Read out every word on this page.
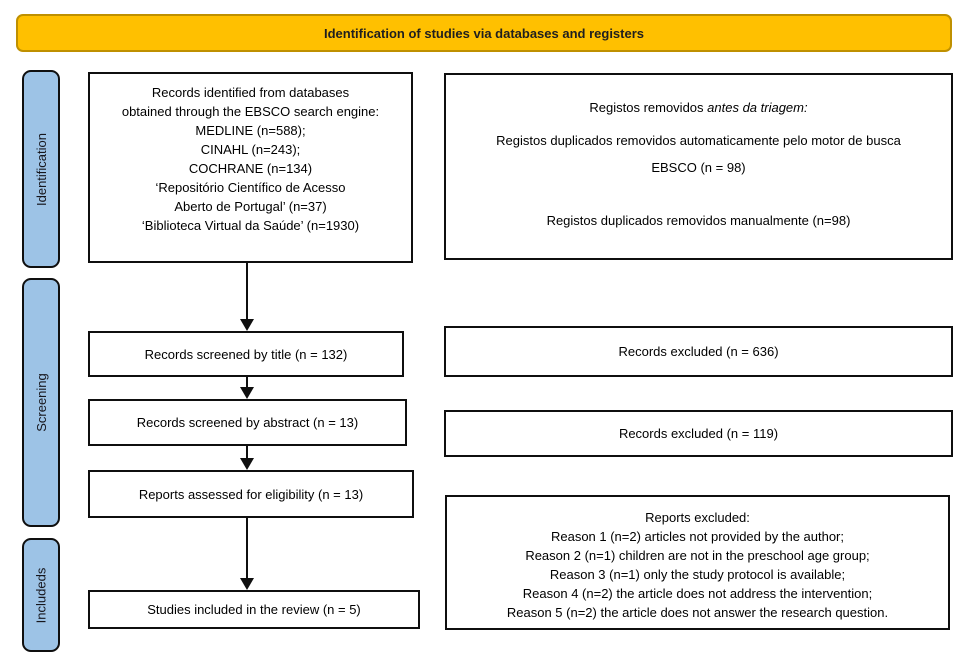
Identification of studies via databases and registers
Identification
Screening
Includeds
Records identified from databases
obtained through the EBSCO search engine:
MEDLINE (n=588);
CINAHL (n=243);
COCHRANE (n=134)
‘Repositório Científico de Acesso
Aberto de Portugal’ (n=37)
‘Biblioteca Virtual da Saúde’ (n=1930)
Records screened by title (n = 132)
Records screened by abstract (n = 13)
Reports assessed for eligibility (n = 13)
Studies included in the review (n = 5)
Registos removidos antes da triagem:
Registos duplicados removidos automaticamente pelo motor de busca
EBSCO (n = 98)
Registos duplicados removidos manualmente (n=98)
Records excluded (n = 636)
Records excluded (n = 119)
Reports excluded:
Reason 1 (n=2) articles not provided by the author;
Reason 2 (n=1) children are not in the preschool age group;
Reason 3 (n=1) only the study protocol is available;
Reason 4 (n=2) the article does not address the intervention;
Reason 5 (n=2) the article does not answer the research question.
